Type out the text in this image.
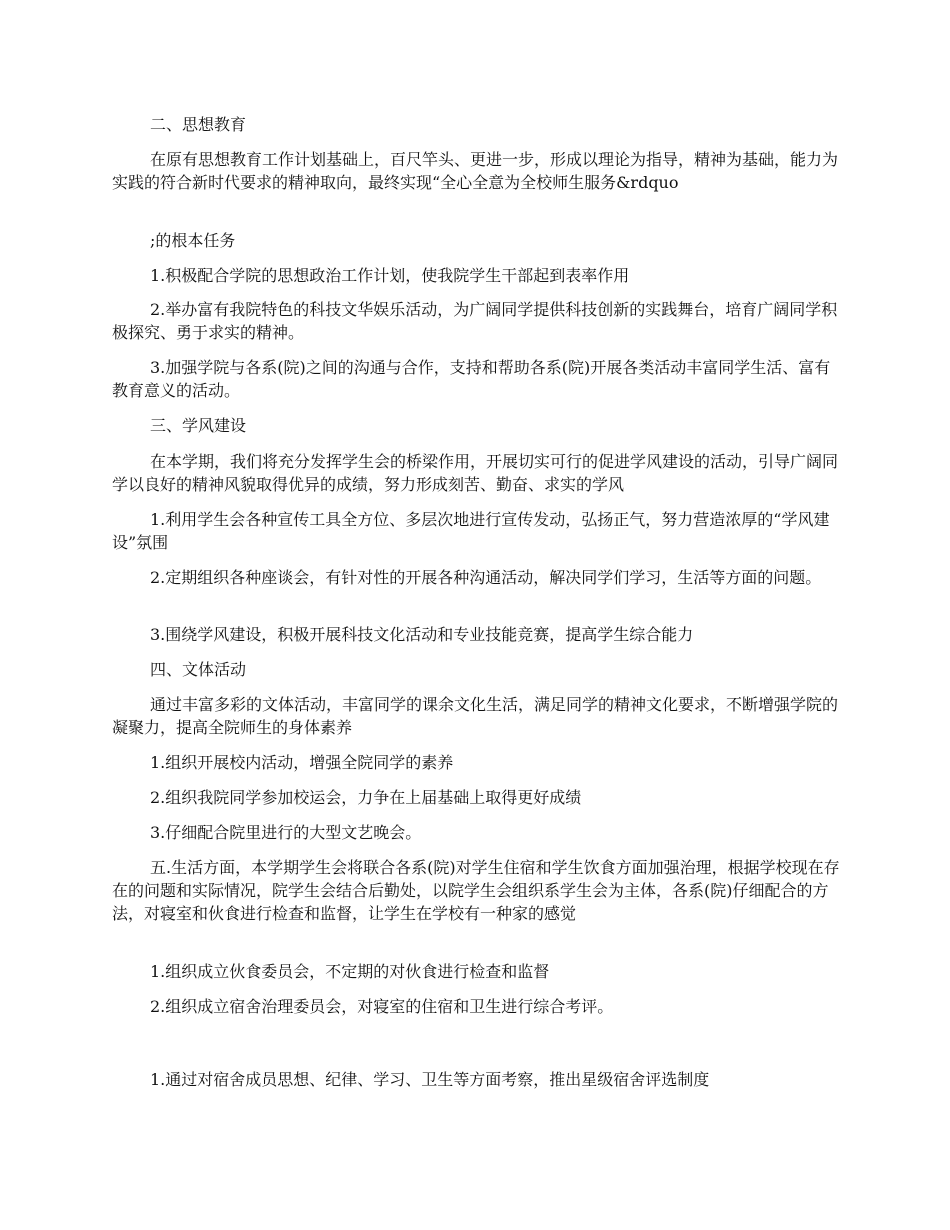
二、思想教育

在原有思想教育工作计划基础上，百尺竿头、更进一步，形成以理论为指导，精神为基础，能力为实践的符合新时代要求的精神取向，最终实现“全心全意为全校师生服务&rdquo

;的根本任务

1.积极配合学院的思想政治工作计划，使我院学生干部起到表率作用

2.举办富有我院特色的科技文华娱乐活动，为广阔同学提供科技创新的实践舞台，培育广阔同学积极探究、勇于求实的精神。

3.加强学院与各系(院)之间的沟通与合作，支持和帮助各系(院)开展各类活动丰富同学生活、富有教育意义的活动。

三、学风建设

在本学期，我们将充分发挥学生会的桥梁作用，开展切实可行的促进学风建设的活动，引导广阔同学以良好的精神风貌取得优异的成绩，努力形成刻苦、勤奋、求实的学风

1.利用学生会各种宣传工具全方位、多层次地进行宣传发动，弘扬正气，努力营造浓厚的“学风建设”氛围

2.定期组织各种座谈会，有针对性的开展各种沟通活动，解决同学们学习，生活等方面的问题。

3.围绕学风建设，积极开展科技文化活动和专业技能竞赛，提高学生综合能力

四、文体活动

通过丰富多彩的文体活动，丰富同学的课余文化生活，满足同学的精神文化要求，不断增强学院的凝聚力，提高全院师生的身体素养

1.组织开展校内活动，增强全院同学的素养

2.组织我院同学参加校运会，力争在上届基础上取得更好成绩

3.仔细配合院里进行的大型文艺晚会。

五.生活方面，本学期学生会将联合各系(院)对学生住宿和学生饮食方面加强治理，根据学校现在存在的问题和实际情况，院学生会结合后勤处，以院学生会组织系学生会为主体，各系(院)仔细配合的方法，对寝室和伙食进行检查和监督，让学生在学校有一种家的感觉

1.组织成立伙食委员会，不定期的对伙食进行检查和监督

2.组织成立宿舍治理委员会，对寝室的住宿和卫生进行综合考评。

1.通过对宿舍成员思想、纪律、学习、卫生等方面考察，推出星级宿舍评选制度
